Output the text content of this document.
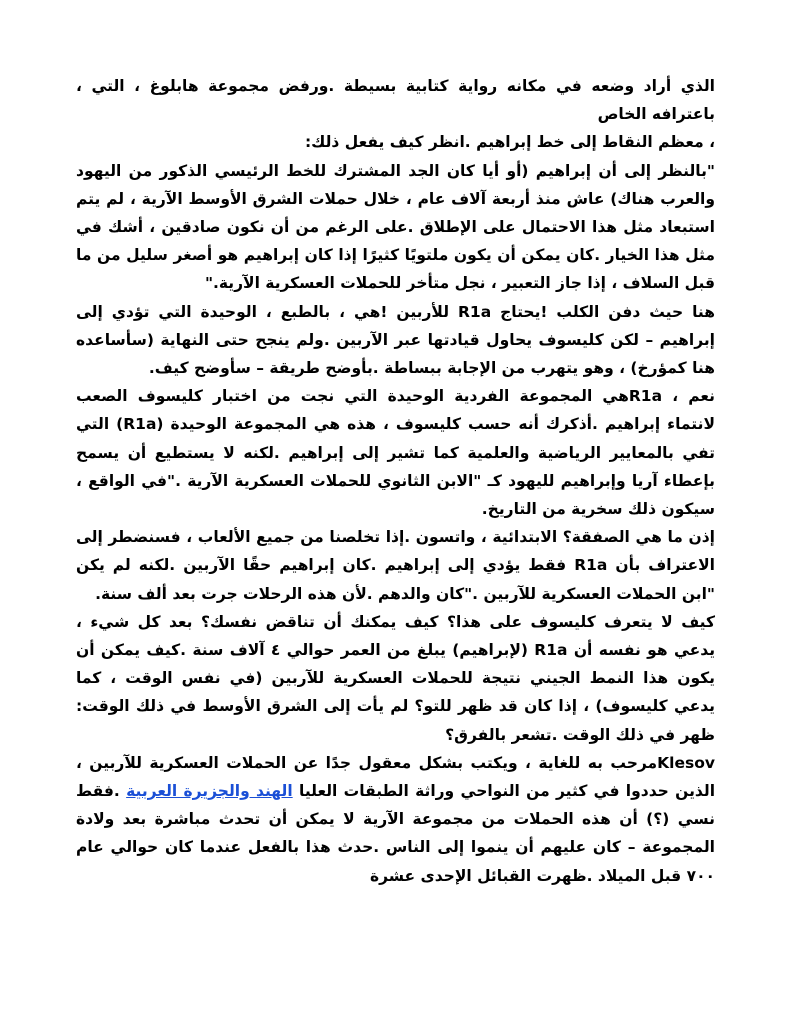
الذي أراد وضعه في مكانه رواية كتابية بسيطة .ورفض مجموعة هابلوغ ، التي ، باعترافه الخاص
، معظم النقاط إلى خط إبراهيم .انظر كيف يفعل ذلك:

"بالنظر إلى أن إبراهيم (أو أيا كان الجد المشترك للخط الرئيسي الذكور من اليهود والعرب هناك) عاش منذ أربعة آلاف عام ، خلال حملات الشرق الأوسط الآرية ، لم يتم استبعاد مثل هذا الاحتمال على الإطلاق .على الرغم من أن نكون صادقين ، أشك في مثل هذا الخيار .كان يمكن أن يكون ملتويًا كثيرًا إذا كان إبراهيم هو أصغر سليل من ما قبل السلاف ، إذا جاز التعبير ، نجل متأخر للحملات العسكرية الآرية."

هنا حيث دفن الكلب !يحتاج R1a للأربين !هي ، بالطبع ، الوحيدة التي تؤدي إلى إبراهيم – لكن كليسوف يحاول قيادتها عبر الآربين .ولم ينجح حتى النهاية (سأساعده هنا كمؤرخ) ، وهو يتهرب من الإجابة ببساطة .بأوضح طريقة – سأوضح كيف.

نعم ، R1aهي المجموعة الفردية الوحيدة التي نجت من اختبار كليسوف الصعب لانتماء إبراهيم .أذكرك أنه حسب كليسوف ، هذه هي المجموعة الوحيدة (R1a) التي تفي بالمعايير الرياضية والعلمية كما تشير إلى إبراهيم .لكنه لا يستطيع أن يسمح بإعطاء آريا وإبراهيم لليهود كـ "الابن الثانوي للحملات العسكرية الآرية ."في الواقع ، سيكون ذلك سخرية من التاريخ.

إذن ما هي الصفقة؟ الابتدائية ، واتسون .إذا تخلصنا من جميع الألعاب ، فسنضطر إلى الاعتراف بأن R1a فقط يؤدي إلى إبراهيم .كان إبراهيم حقًا الآربين .لكنه لم يكن "ابن الحملات العسكرية للآربين ."كان والدهم .لأن هذه الرحلات جرت بعد ألف سنة.

كيف لا يتعرف كليسوف على هذا؟ كيف يمكنك أن تناقض نفسك؟ بعد كل شيء ، يدعي هو نفسه أن R1a (لإبراهيم) يبلغ من العمر حوالي ٤ آلاف سنة .كيف يمكن أن يكون هذا النمط الجيني نتيجة للحملات العسكرية للآربين (في نفس الوقت ، كما يدعي كليسوف) ، إذا كان قد ظهر للتو؟ لم يأت إلى الشرق الأوسط في ذلك الوقت: ظهر في ذلك الوقت .تشعر بالفرق؟

Klesovمرحب به للغاية ، ويكتب بشكل معقول جدًا عن الحملات العسكرية للآربين ، الذين حددوا في كثير من النواحي وراثة الطبقات العليا الهند والجزيرة العربية .فقط نسي (؟) أن هذه الحملات من مجموعة الآرية لا يمكن أن تحدث مباشرة بعد ولادة المجموعة – كان عليهم أن ينموا إلى الناس .حدث هذا بالفعل عندما كان حوالي عام ٧٠٠ قبل الميلاد .ظهرت القبائل الإحدى عشرة
